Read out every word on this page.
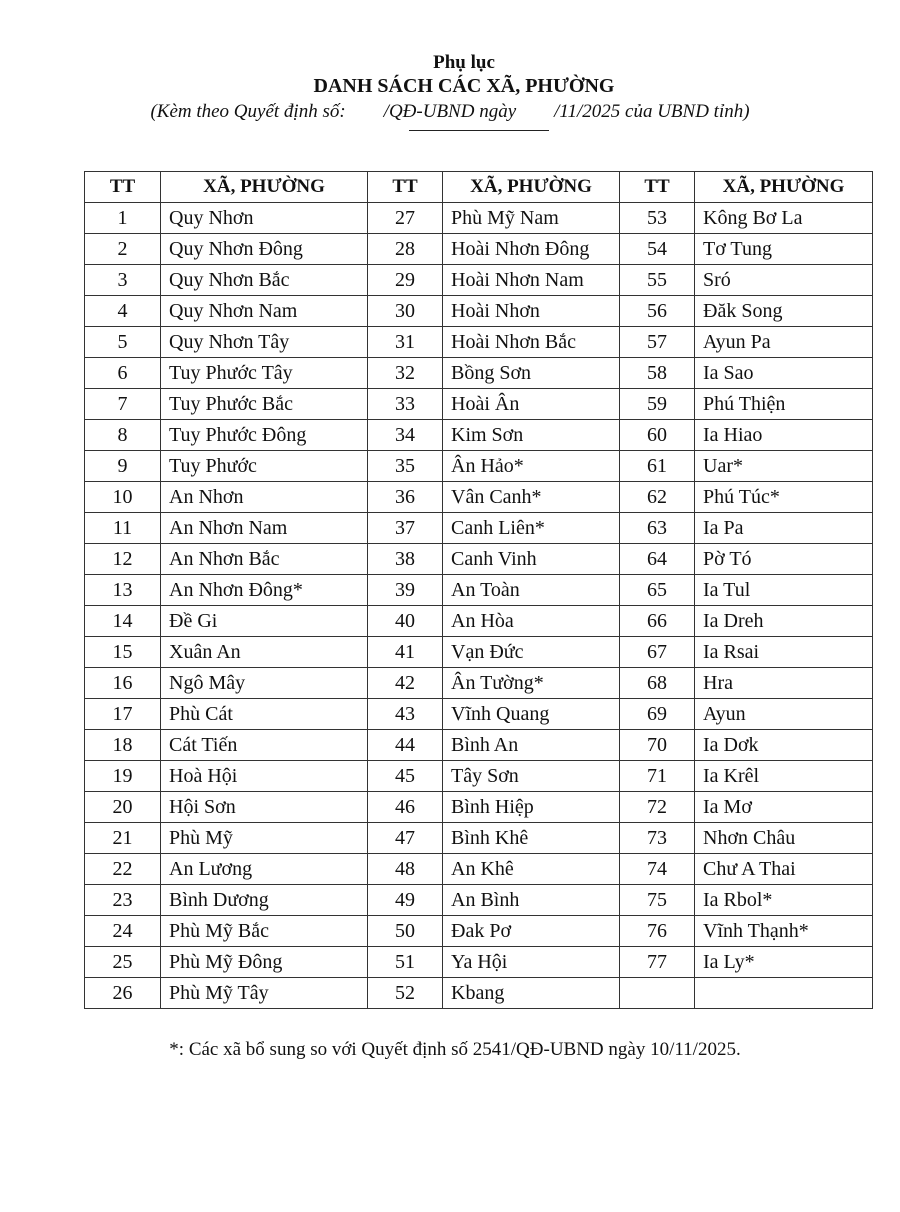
Phụ lục
DANH SÁCH CÁC XÃ, PHƯỜNG
(Kèm theo Quyết định số:        /QĐ-UBND ngày        /11/2025 của UBND tỉnh)
TT	XÃ, PHƯỜNG	TT	XÃ, PHƯỜNG	TT	XÃ, PHƯỜNG
1	Quy Nhơn	27	Phù Mỹ Nam	53	Kông Bơ La
2	Quy Nhơn Đông	28	Hoài Nhơn Đông	54	Tơ Tung
3	Quy Nhơn Bắc	29	Hoài Nhơn Nam	55	Sró
4	Quy Nhơn Nam	30	Hoài Nhơn	56	Đăk Song
5	Quy Nhơn Tây	31	Hoài Nhơn Bắc	57	Ayun Pa
6	Tuy Phước Tây	32	Bồng Sơn	58	Ia Sao
7	Tuy Phước Bắc	33	Hoài Ân	59	Phú Thiện
8	Tuy Phước Đông	34	Kim Sơn	60	Ia Hiao
9	Tuy Phước	35	Ân Hảo*	61	Uar*
10	An Nhơn	36	Vân Canh*	62	Phú Túc*
11	An Nhơn Nam	37	Canh Liên*	63	Ia Pa
12	An Nhơn Bắc	38	Canh Vinh	64	Pờ Tó
13	An Nhơn Đông*	39	An Toàn	65	Ia Tul
14	Đề Gi	40	An Hòa	66	Ia Dreh
15	Xuân An	41	Vạn Đức	67	Ia Rsai
16	Ngô Mây	42	Ân Tường*	68	Hra
17	Phù Cát	43	Vĩnh Quang	69	Ayun
18	Cát Tiến	44	Bình An	70	Ia Dơk
19	Hoà Hội	45	Tây Sơn	71	Ia Krêl
20	Hội Sơn	46	Bình Hiệp	72	Ia Mơ
21	Phù Mỹ	47	Bình Khê	73	Nhơn Châu
22	An Lương	48	An Khê	74	Chư A Thai
23	Bình Dương	49	An Bình	75	Ia Rbol*
24	Phù Mỹ Bắc	50	Đak Pơ	76	Vĩnh Thạnh*
25	Phù Mỹ Đông	51	Ya Hội	77	Ia Ly*
26	Phù Mỹ Tây	52	Kbang		
*: Các xã bổ sung so với Quyết định số 2541/QĐ-UBND ngày 10/11/2025.
